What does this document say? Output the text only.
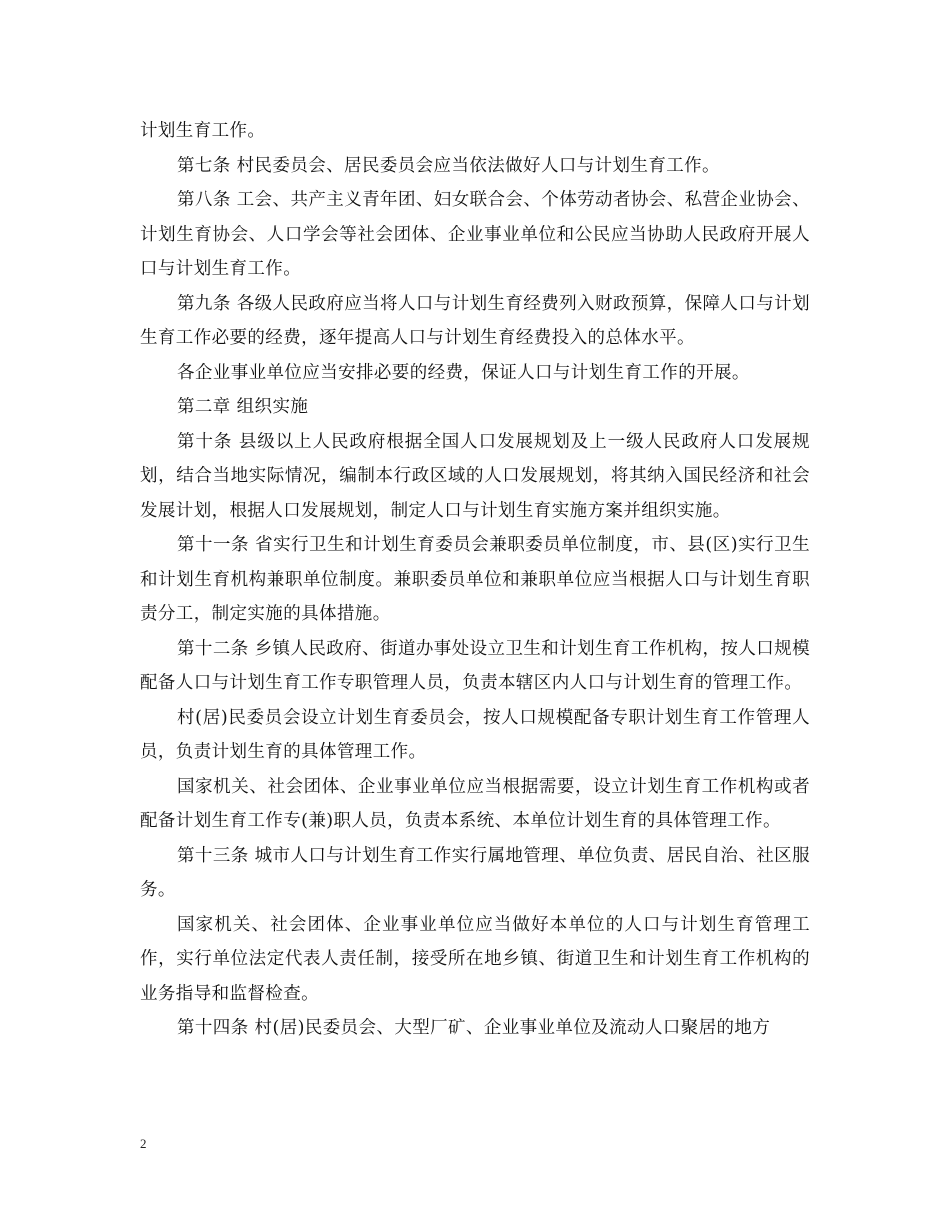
计划生育工作。

第七条 村民委员会、居民委员会应当依法做好人口与计划生育工作。

第八条 工会、共产主义青年团、妇女联合会、个体劳动者协会、私营企业协会、计划生育协会、人口学会等社会团体、企业事业单位和公民应当协助人民政府开展人口与计划生育工作。

第九条 各级人民政府应当将人口与计划生育经费列入财政预算，保障人口与计划生育工作必要的经费，逐年提高人口与计划生育经费投入的总体水平。

各企业事业单位应当安排必要的经费，保证人口与计划生育工作的开展。

第二章 组织实施

第十条 县级以上人民政府根据全国人口发展规划及上一级人民政府人口发展规划，结合当地实际情况，编制本行政区域的人口发展规划，将其纳入国民经济和社会发展计划，根据人口发展规划，制定人口与计划生育实施方案并组织实施。

第十一条 省实行卫生和计划生育委员会兼职委员单位制度，市、县(区)实行卫生和计划生育机构兼职单位制度。兼职委员单位和兼职单位应当根据人口与计划生育职责分工，制定实施的具体措施。

第十二条 乡镇人民政府、街道办事处设立卫生和计划生育工作机构，按人口规模配备人口与计划生育工作专职管理人员，负责本辖区内人口与计划生育的管理工作。

村(居)民委员会设立计划生育委员会，按人口规模配备专职计划生育工作管理人员，负责计划生育的具体管理工作。

国家机关、社会团体、企业事业单位应当根据需要，设立计划生育工作机构或者配备计划生育工作专(兼)职人员，负责本系统、本单位计划生育的具体管理工作。

第十三条 城市人口与计划生育工作实行属地管理、单位负责、居民自治、社区服务。

国家机关、社会团体、企业事业单位应当做好本单位的人口与计划生育管理工作，实行单位法定代表人责任制，接受所在地乡镇、街道卫生和计划生育工作机构的业务指导和监督检查。

第十四条 村(居)民委员会、大型厂矿、企业事业单位及流动人口聚居的地方

2
